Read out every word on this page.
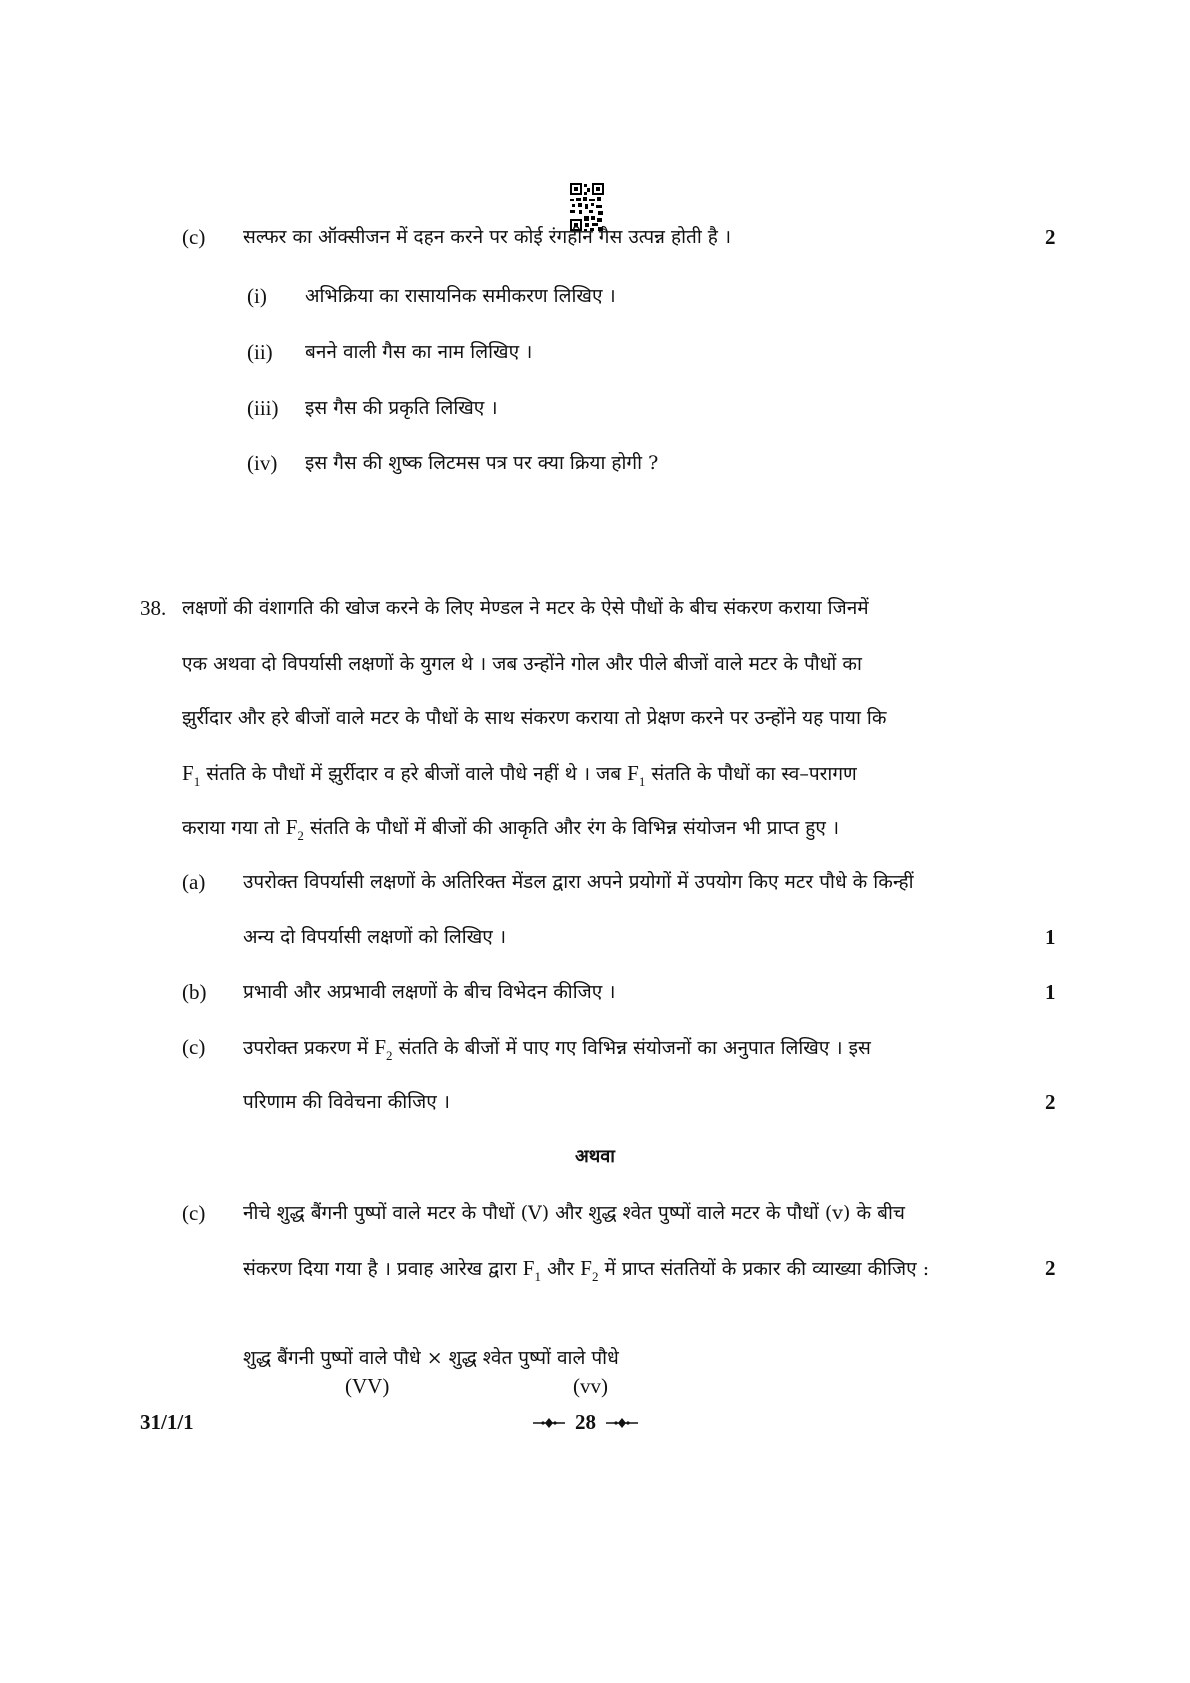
(c) सल्फर का ऑक्सीजन में दहन करने पर कोई रंगहीन गैस उत्पन्न होती है ।	2
(i) अभिक्रिया का रासायनिक समीकरण लिखिए ।
(ii) बनने वाली गैस का नाम लिखिए ।
(iii) इस गैस की प्रकृति लिखिए ।
(iv) इस गैस की शुष्क लिटमस पत्र पर क्या क्रिया होगी ?
38. लक्षणों की वंशागति की खोज करने के लिए मेण्डल ने मटर के ऐसे पौधों के बीच संकरण कराया जिनमें
एक अथवा दो विपर्यासी लक्षणों के युगल थे । जब उन्होंने गोल और पीले बीजों वाले मटर के पौधों का
झुर्रीदार और हरे बीजों वाले मटर के पौधों के साथ संकरण कराया तो प्रेक्षण करने पर उन्होंने यह पाया कि
$F_1$ संतति के पौधों में झुर्रीदार व हरे बीजों वाले पौधे नहीं थे । जब $F_1$ संतति के पौधों का स्व–परागण
कराया गया तो $F_2$ संतति के पौधों में बीजों की आकृति और रंग के विभिन्न संयोजन भी प्राप्त हुए ।
(a) उपरोक्त विपर्यासी लक्षणों के अतिरिक्त मेंडल द्वारा अपने प्रयोगों में उपयोग किए मटर पौधे के किन्हीं
अन्य दो विपर्यासी लक्षणों को लिखिए ।	1
(b) प्रभावी और अप्रभावी लक्षणों के बीच विभेदन कीजिए ।	1
(c) उपरोक्त प्रकरण में $F_2$ संतति के बीजों में पाए गए विभिन्न संयोजनों का अनुपात लिखिए । इस
परिणाम की विवेचना कीजिए ।	2
अथवा
(c) नीचे शुद्ध बैंगनी पुष्पों वाले मटर के पौधों (V) और शुद्ध श्वेत पुष्पों वाले मटर के पौधों (v) के बीच
संकरण दिया गया है । प्रवाह आरेख द्वारा $F_1$ और $F_2$ में प्राप्त संततियों के प्रकार की व्याख्या कीजिए :	2
शुद्ध बैंगनी पुष्पों वाले पौधे × शुद्ध श्वेत पुष्पों वाले पौधे
(VV)	(vv)
31/1/1	28
